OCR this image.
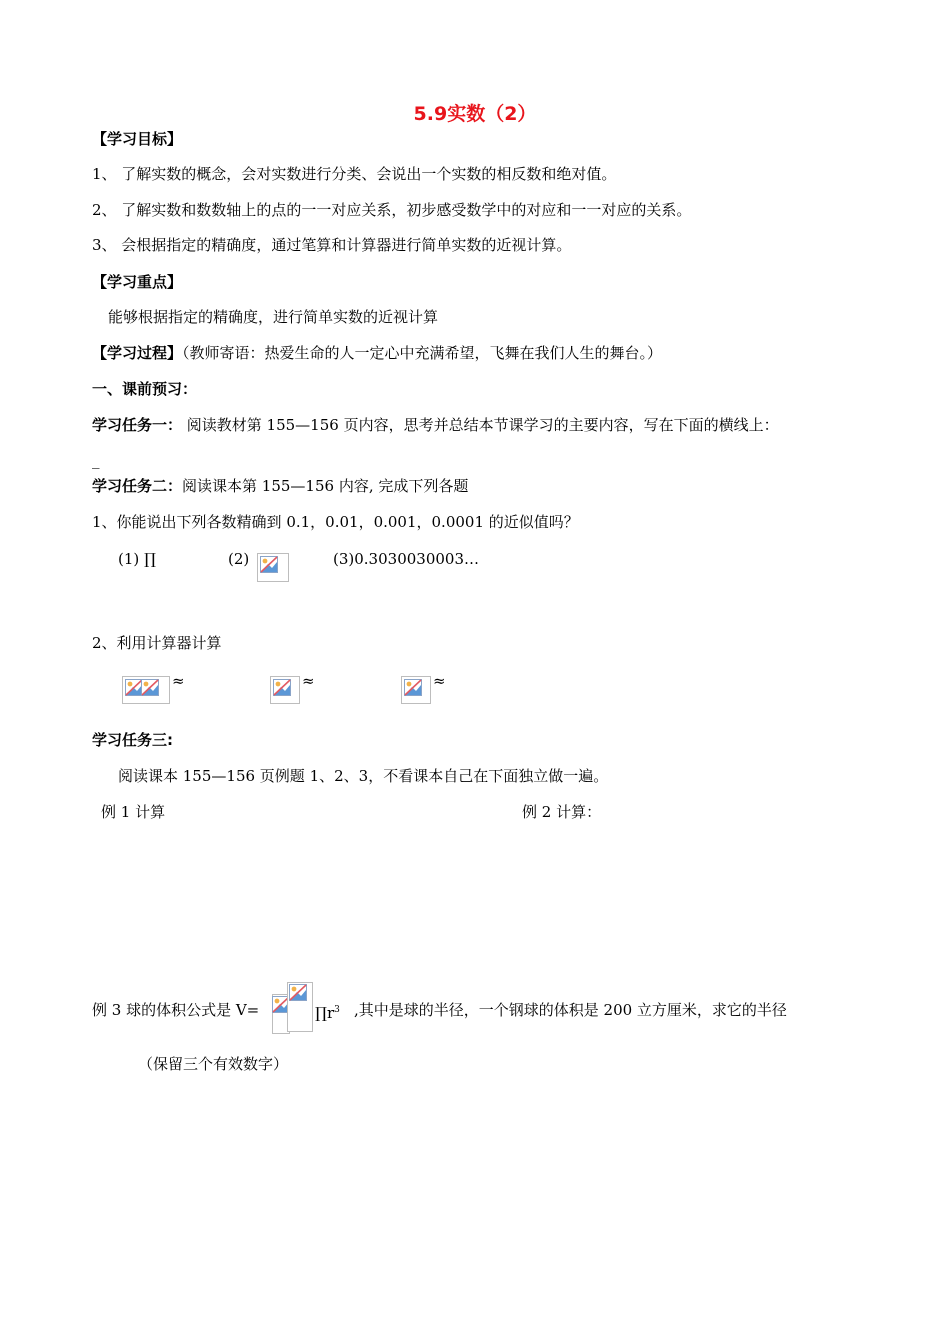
5.9实数（2）
【学习目标】
1、 了解实数的概念，会对实数进行分类、会说出一个实数的相反数和绝对值。
2、 了解实数和数数轴上的点的一一对应关系，初步感受数学中的对应和一一对应的关系。
3、 会根据指定的精确度，通过笔算和计算器进行简单实数的近视计算。
【学习重点】
能够根据指定的精确度，进行简单实数的近视计算
【学习过程】（教师寄语：热爱生命的人一定心中充满希望，飞舞在我们人生的舞台。）
一、课前预习：
学习任务一： 阅读教材第 155—156 页内容，思考并总结本节课学习的主要内容，写在下面的横线上：
_
学习任务二：阅读课本第 155—156 内容, 完成下列各题
1、你能说出下列各数精确到 0.1，0.01，0.001，0.0001 的近似值吗？
(1) ∏	(2)	(3)0.3030030003…
2、利用计算器计算
≈	≈	≈
学习任务三:
阅读课本 155—156 页例题 1、2、3，不看课本自己在下面独立做一遍。
例 1 计算	例 2 计算：
例 3 球的体积公式是 V=	$\prod r^3$ ,其中是球的半径，一个钢球的体积是 200 立方厘米，求它的半径
（保留三个有效数字）
